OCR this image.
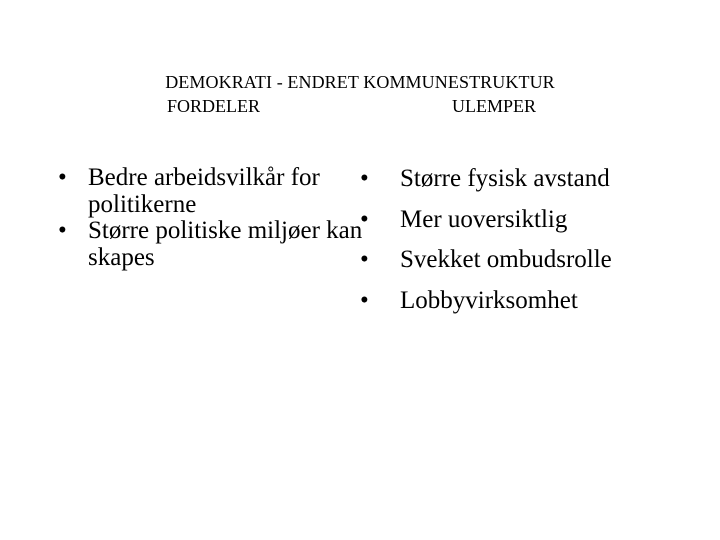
DEMOKRATI - ENDRET KOMMUNESTRUKTUR
FORDELER	ULEMPER
• Bedre arbeidsvilkår for politikerne
• Større politiske miljøer kan skapes
• Større fysisk avstand
• Mer uoversiktlig
• Svekket ombudsrolle
• Lobbyvirksomhet
